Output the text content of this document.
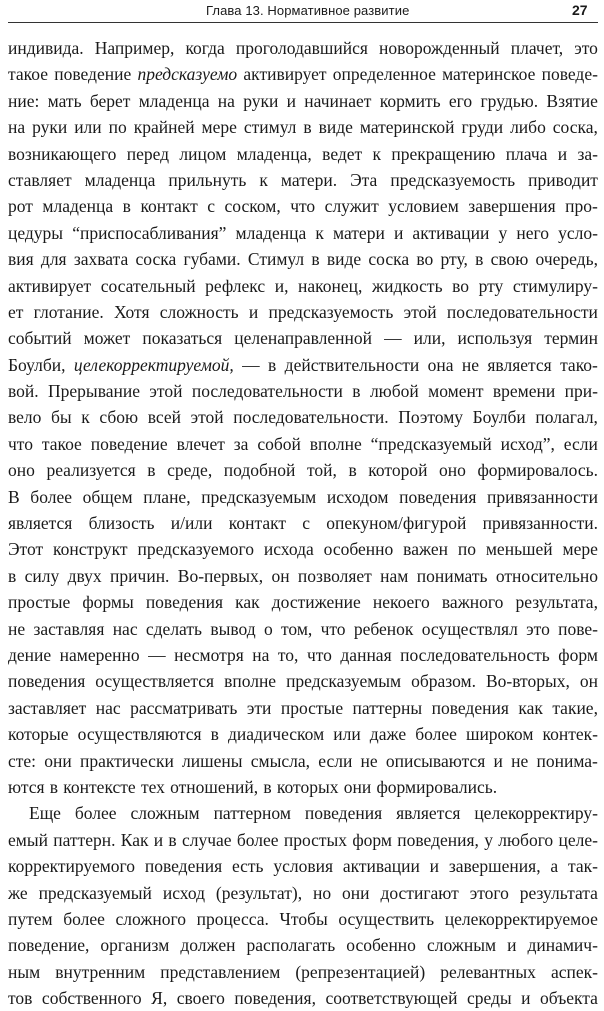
Глава 13. Нормативное развитие	27
индивида. Например, когда проголодавшийся новорожденный плачет, это
такое поведение предсказуемо активирует определенное материнское поведе-
ние: мать берет младенца на руки и начинает кормить его грудью. Взятие
на руки или по крайней мере стимул в виде материнской груди либо соска,
возникающего перед лицом младенца, ведет к прекращению плача и за-
ставляет младенца прильнуть к матери. Эта предсказуемость приводит
рот младенца в контакт с соском, что служит условием завершения про-
цедуры “приспосабливания” младенца к матери и активации у него усло-
вия для захвата соска губами. Стимул в виде соска во рту, в свою очередь,
активирует сосательный рефлекс и, наконец, жидкость во рту стимулиру-
ет глотание. Хотя сложность и предсказуемость этой последовательности
событий может показаться целенаправленной — или, используя термин
Боулби, целекорректируемой, — в действительности она не является тако-
вой. Прерывание этой последовательности в любой момент времени при-
вело бы к сбою всей этой последовательности. Поэтому Боулби полагал,
что такое поведение влечет за собой вполне “предсказуемый исход”, если
оно реализуется в среде, подобной той, в которой оно формировалось.
В более общем плане, предсказуемым исходом поведения привязанности
является близость и/или контакт с опекуном/фигурой привязанности.
Этот конструкт предсказуемого исхода особенно важен по меньшей мере
в силу двух причин. Во-первых, он позволяет нам понимать относительно
простые формы поведения как достижение некоего важного результата,
не заставляя нас сделать вывод о том, что ребенок осуществлял это пове-
дение намеренно — несмотря на то, что данная последовательность форм
поведения осуществляется вполне предсказуемым образом. Во-вторых, он
заставляет нас рассматривать эти простые паттерны поведения как такие,
которые осуществляются в диадическом или даже более широком контек-
сте: они практически лишены смысла, если не описываются и не понима-
ются в контексте тех отношений, в которых они формировались.
Еще более сложным паттерном поведения является целекорректиру-
емый паттерн. Как и в случае более простых форм поведения, у любого целе-
корректируемого поведения есть условия активации и завершения, а так-
же предсказуемый исход (результат), но они достигают этого результата
путем более сложного процесса. Чтобы осуществить целекорректируемое
поведение, организм должен располагать особенно сложным и динамич-
ным внутренним представлением (репрезентацией) релевантных аспек-
тов собственного Я, своего поведения, соответствующей среды и объекта
